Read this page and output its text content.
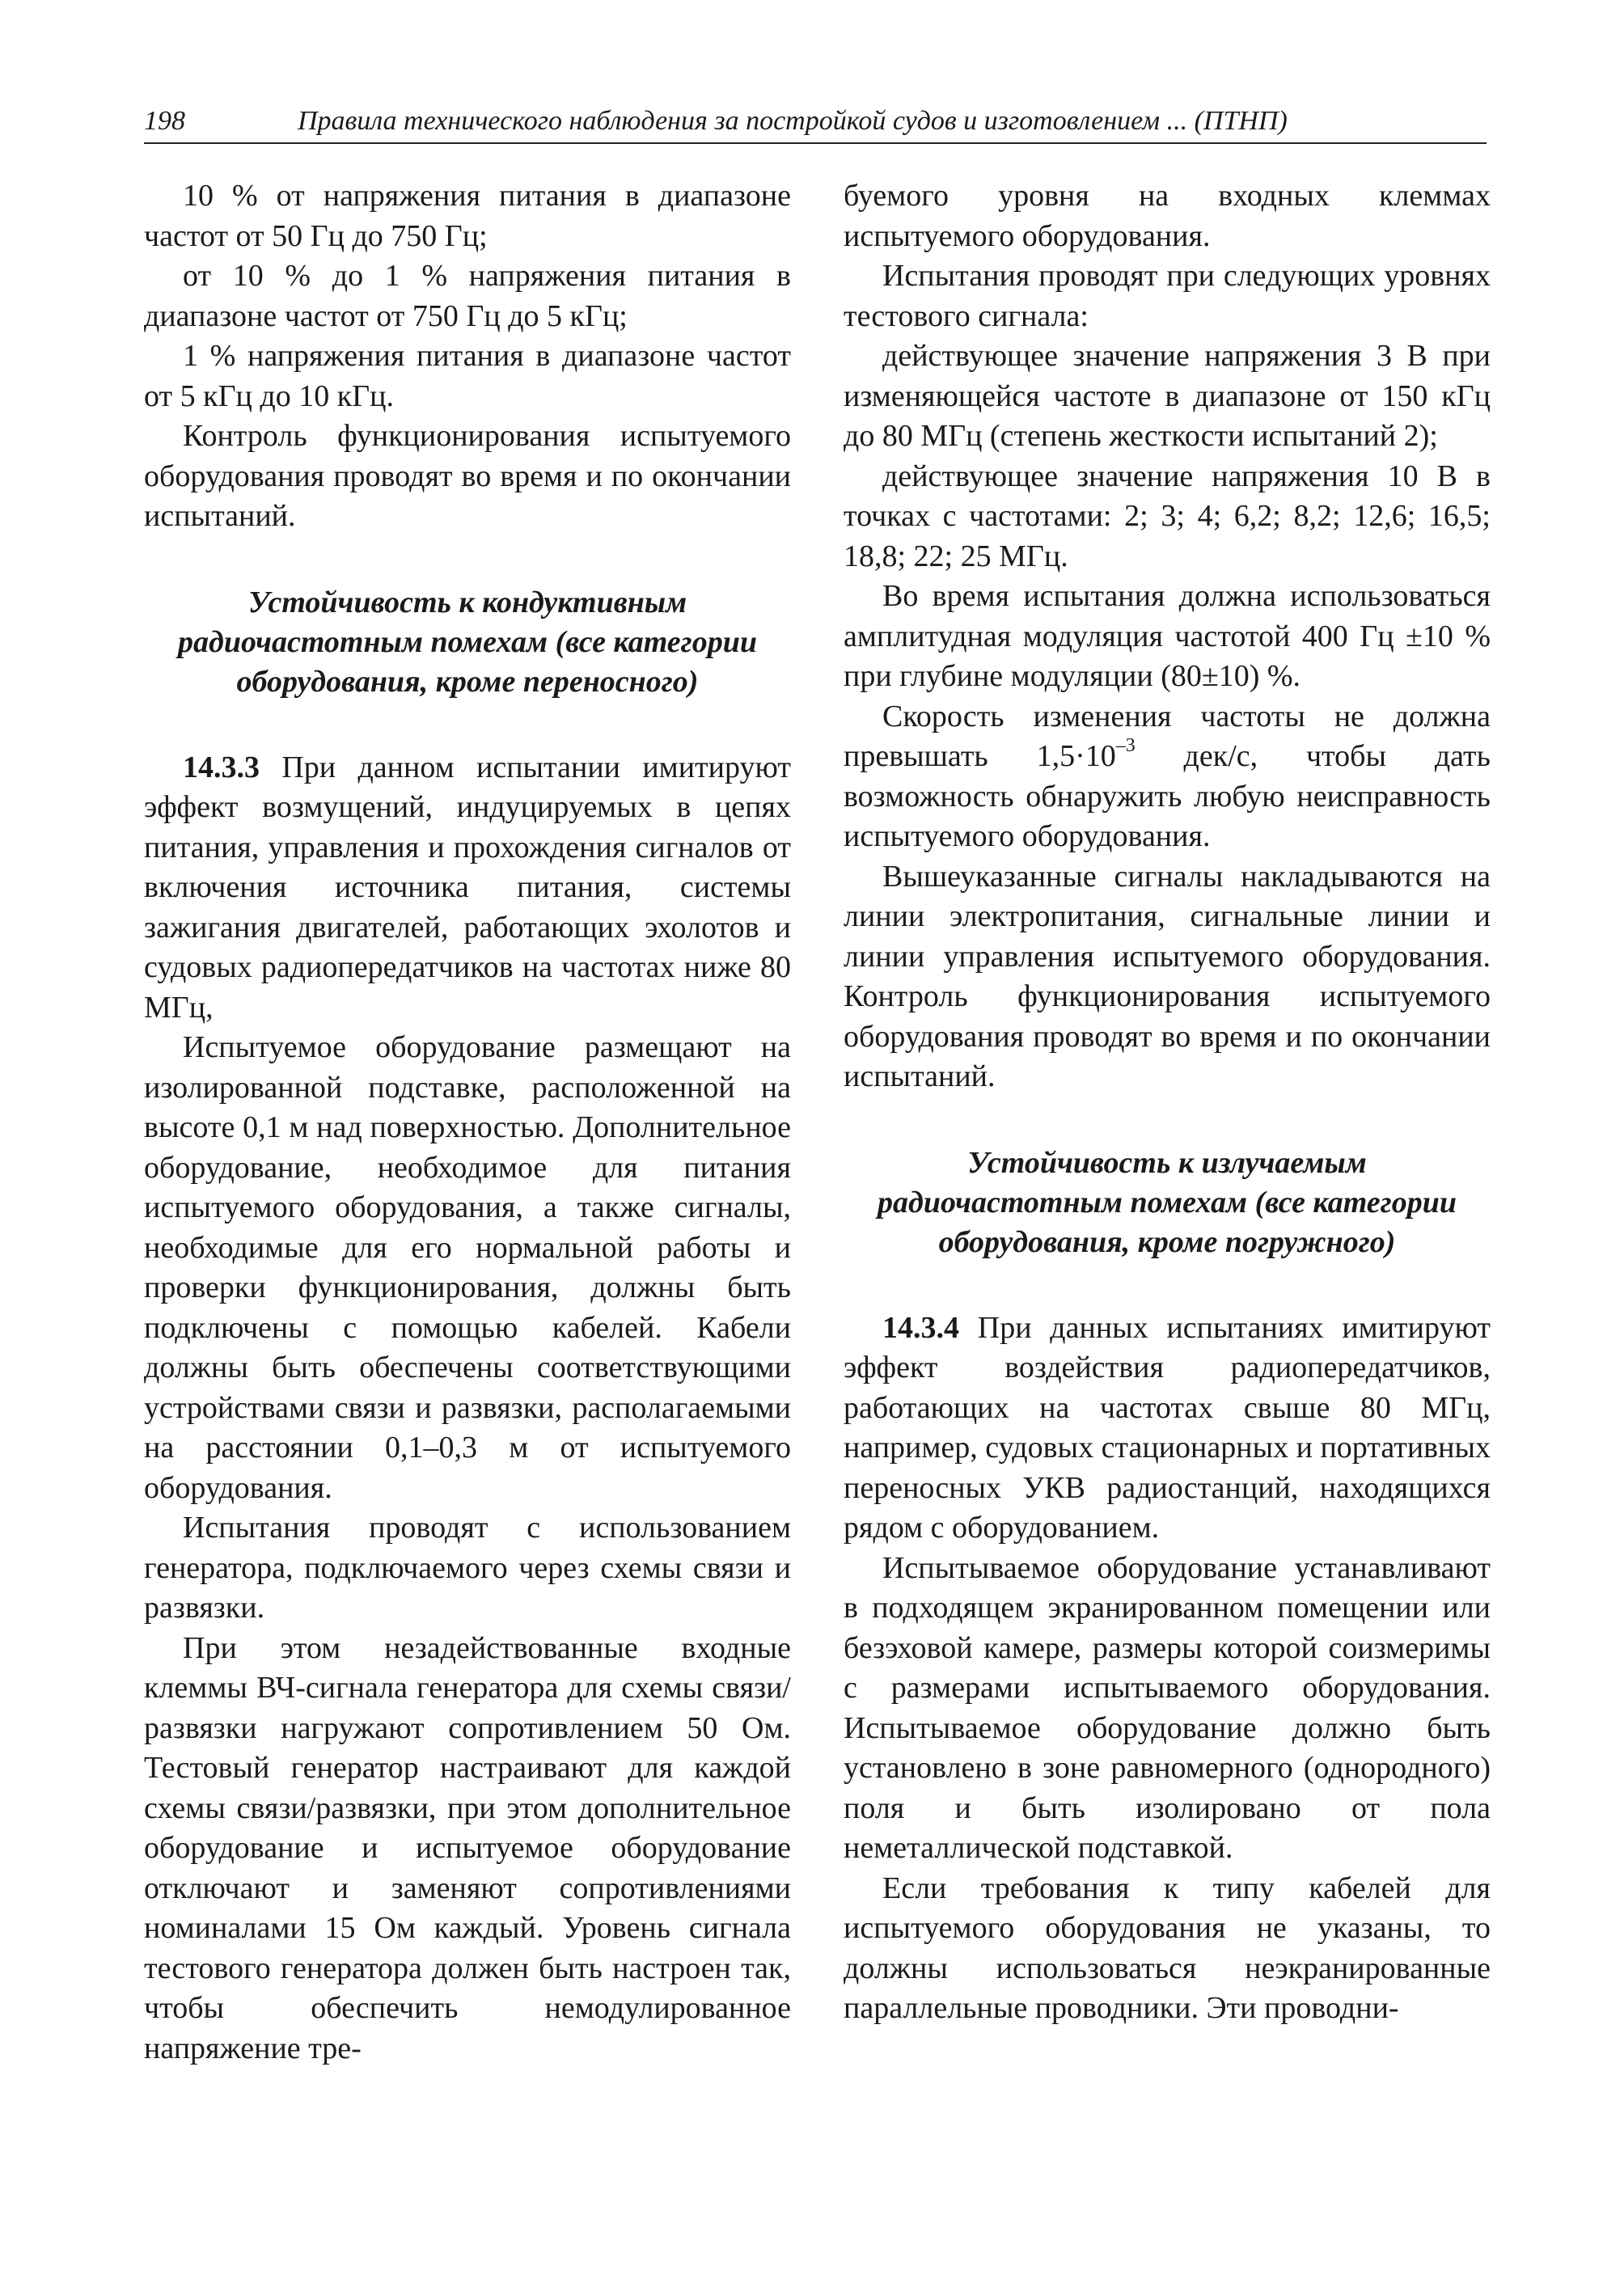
198	Правила технического наблюдения за постройкой судов и изготовлением ... (ПТНП)

10 % от напряжения питания в диапазоне частот от 50 Гц до 750 Гц;

от 10 % до 1 % напряжения питания в диапазоне частот от 750 Гц до 5 кГц;

1 % напряжения питания в диапазоне частот от 5 кГц до 10 кГц.

Контроль функционирования испытуемого оборудования проводят во время и по окончании испытаний.

Устойчивость к кондуктивным
радиочастотным помехам (все категории
оборудования, кроме переносного)

14.3.3 При данном испытании имитируют эффект возмущений, индуцируемых в цепях питания, управления и прохождения сигналов от включения источника питания, системы зажигания двигателей, работающих эхолотов и судовых радиопередатчиков на частотах ниже 80 МГц,

Испытуемое оборудование размещают на изолированной подставке, расположенной на высоте 0,1 м над поверхностью. Дополнительное оборудование, необходимое для питания испытуемого оборудования, а также сигналы, необходимые для его нормальной работы и проверки функционирования, должны быть подключены с помощью кабелей. Кабели должны быть обеспечены соответствующими устройствами связи и развязки, располагаемыми на расстоянии 0,1–0,3 м от испытуемого оборудования.

Испытания проводят с использованием генератора, подключаемого через схемы связи и развязки.

При этом незадействованные входные клеммы ВЧ-сигнала генератора для схемы связи/развязки нагружают сопротивлением 50 Ом. Тестовый генератор настраивают для каждой схемы связи/развязки, при этом дополнительное оборудование и испытуемое оборудование отключают и заменяют сопротивлениями номиналами 15 Ом каждый. Уровень сигнала тестового генератора должен быть настроен так, чтобы обеспечить немодулированное напряжение тре-

буемого уровня на входных клеммах испытуемого оборудования.

Испытания проводят при следующих уровнях тестового сигнала:

действующее значение напряжения 3 В при изменяющейся частоте в диапазоне от 150 кГц до 80 МГц (степень жесткости испытаний 2);

действующее значение напряжения 10 В в точках с частотами: 2; 3; 4; 6,2; 8,2; 12,6; 16,5; 18,8; 22; 25 МГц.

Во время испытания должна использоваться амплитудная модуляция частотой 400 Гц ±10 % при глубине модуляции (80±10) %.

Скорость изменения частоты не должна превышать $1,5\cdot 10^{-3}$ дек/с, чтобы дать возможность обнаружить любую неисправность испытуемого оборудования.

Вышеуказанные сигналы накладываются на линии электропитания, сигнальные линии и линии управления испытуемого оборудования. Контроль функционирования испытуемого оборудования проводят во время и по окончании испытаний.

Устойчивость к излучаемым
радиочастотным помехам (все категории
оборудования, кроме погружного)

14.3.4 При данных испытаниях имитируют эффект воздействия радиопередатчиков, работающих на частотах свыше 80 МГц, например, судовых стационарных и портативных переносных УКВ радиостанций, находящихся рядом с оборудованием.

Испытываемое оборудование устанавливают в подходящем экранированном помещении или безэховой камере, размеры которой соизмеримы с размерами испытываемого оборудования. Испытываемое оборудование должно быть установлено в зоне равномерного (однородного) поля и быть изолировано от пола неметаллической подставкой.

Если требования к типу кабелей для испытуемого оборудования не указаны, то должны использоваться неэкранированные параллельные проводники. Эти проводни-
